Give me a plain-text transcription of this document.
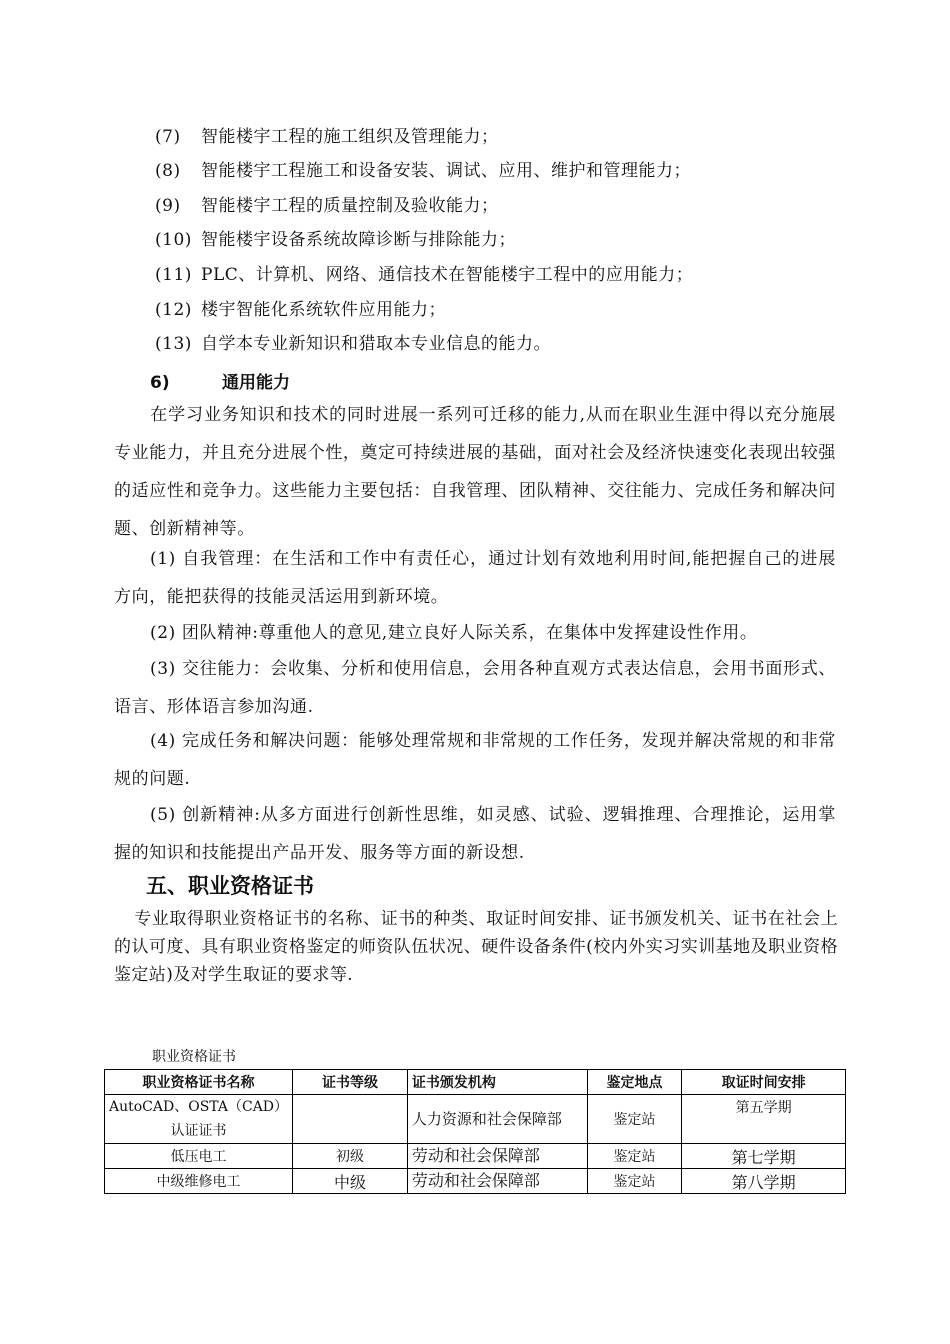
(7) 智能楼宇工程的施工组织及管理能力；
(8) 智能楼宇工程施工和设备安装、调试、应用、维护和管理能力；
(9) 智能楼宇工程的质量控制及验收能力；
(10) 智能楼宇设备系统故障诊断与排除能力；
(11) PLC、计算机、网络、通信技术在智能楼宇工程中的应用能力；
(12) 楼宇智能化系统软件应用能力；
(13) 自学本专业新知识和猎取本专业信息的能力。
6)	通用能力
在学习业务知识和技术的同时进展一系列可迁移的能力,从而在职业生涯中得以充分施展专业能力，并且充分进展个性，奠定可持续进展的基础，面对社会及经济快速变化表现出较强的适应性和竞争力。这些能力主要包括：自我管理、团队精神、交往能力、完成任务和解决问题、创新精神等。
(1) 自我管理：在生活和工作中有责任心，通过计划有效地利用时间,能把握自己的进展方向，能把获得的技能灵活运用到新环境。
(2) 团队精神:尊重他人的意见,建立良好人际关系，在集体中发挥建设性作用。
(3) 交往能力：会收集、分析和使用信息，会用各种直观方式表达信息，会用书面形式、语言、形体语言参加沟通.
(4) 完成任务和解决问题：能够处理常规和非常规的工作任务，发现并解决常规的和非常规的问题.
(5) 创新精神:从多方面进行创新性思维，如灵感、试验、逻辑推理、合理推论，运用掌握的知识和技能提出产品开发、服务等方面的新设想.
五、职业资格证书
专业取得职业资格证书的名称、证书的种类、取证时间安排、证书颁发机关、证书在社会上的认可度、具有职业资格鉴定的师资队伍状况、硬件设备条件(校内外实习实训基地及职业资格鉴定站)及对学生取证的要求等.
职业资格证书
职业资格证书名称	证书等级	证书颁发机构	鉴定地点	取证时间安排
AutoCAD、OSTA（CAD）认证证书		人力资源和社会保障部	鉴定站	第五学期
低压电工	初级	劳动和社会保障部	鉴定站	第七学期
中级维修电工	中级	劳动和社会保障部	鉴定站	第八学期
